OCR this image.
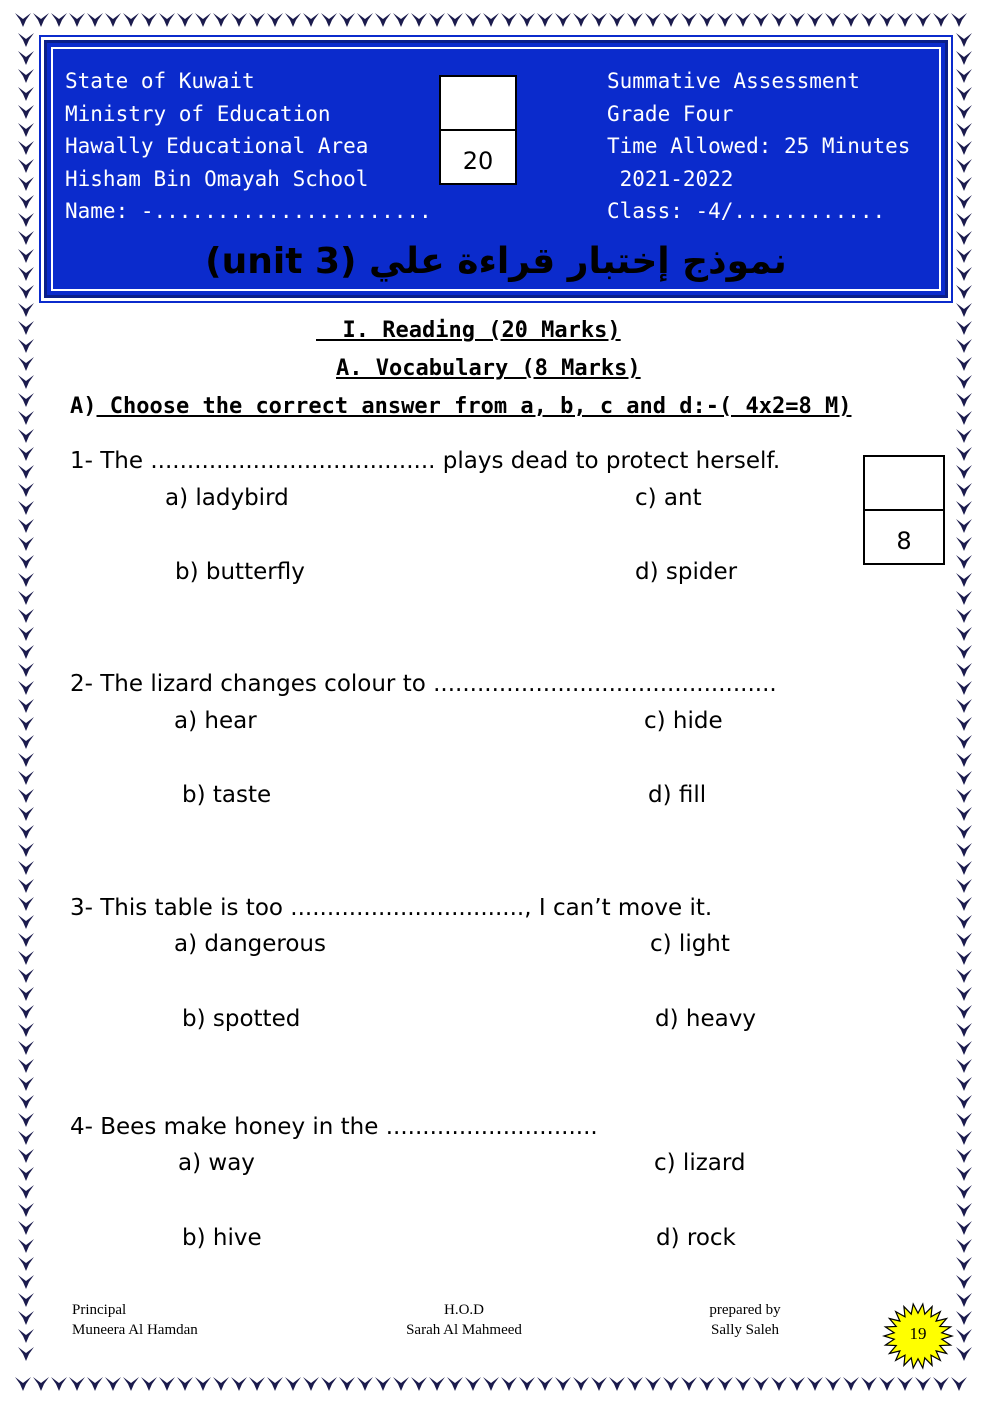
State of Kuwait
Ministry of Education
Hawally Educational Area
Hisham Bin Omayah School
Name: -......................
Summative Assessment
Grade Four
Time Allowed: 25 Minutes
2021-2022
Class: -4/............
20
نموذج إختبار قراءة علي (unit 3)
I. Reading (20 Marks)
A. Vocabulary (8 Marks)
A) Choose the correct answer from a, b, c and d:-( 4x2=8 M)
8
1- The ....................................... plays dead to protect herself.
a) ladybird	c) ant
b) butterfly	d) spider
2- The lizard changes colour to ...............................................
a) hear	c) hide
b) taste	d) fill
3- This table is too ................................, I can’t move it.
a) dangerous	c) light
b) spotted	d) heavy
4- Bees make honey in the .............................
a) way	c) lizard
b) hive	d) rock
Principal
Muneera Al Hamdan
H.O.D
Sarah Al Mahmeed
prepared by
Sally Saleh	19
